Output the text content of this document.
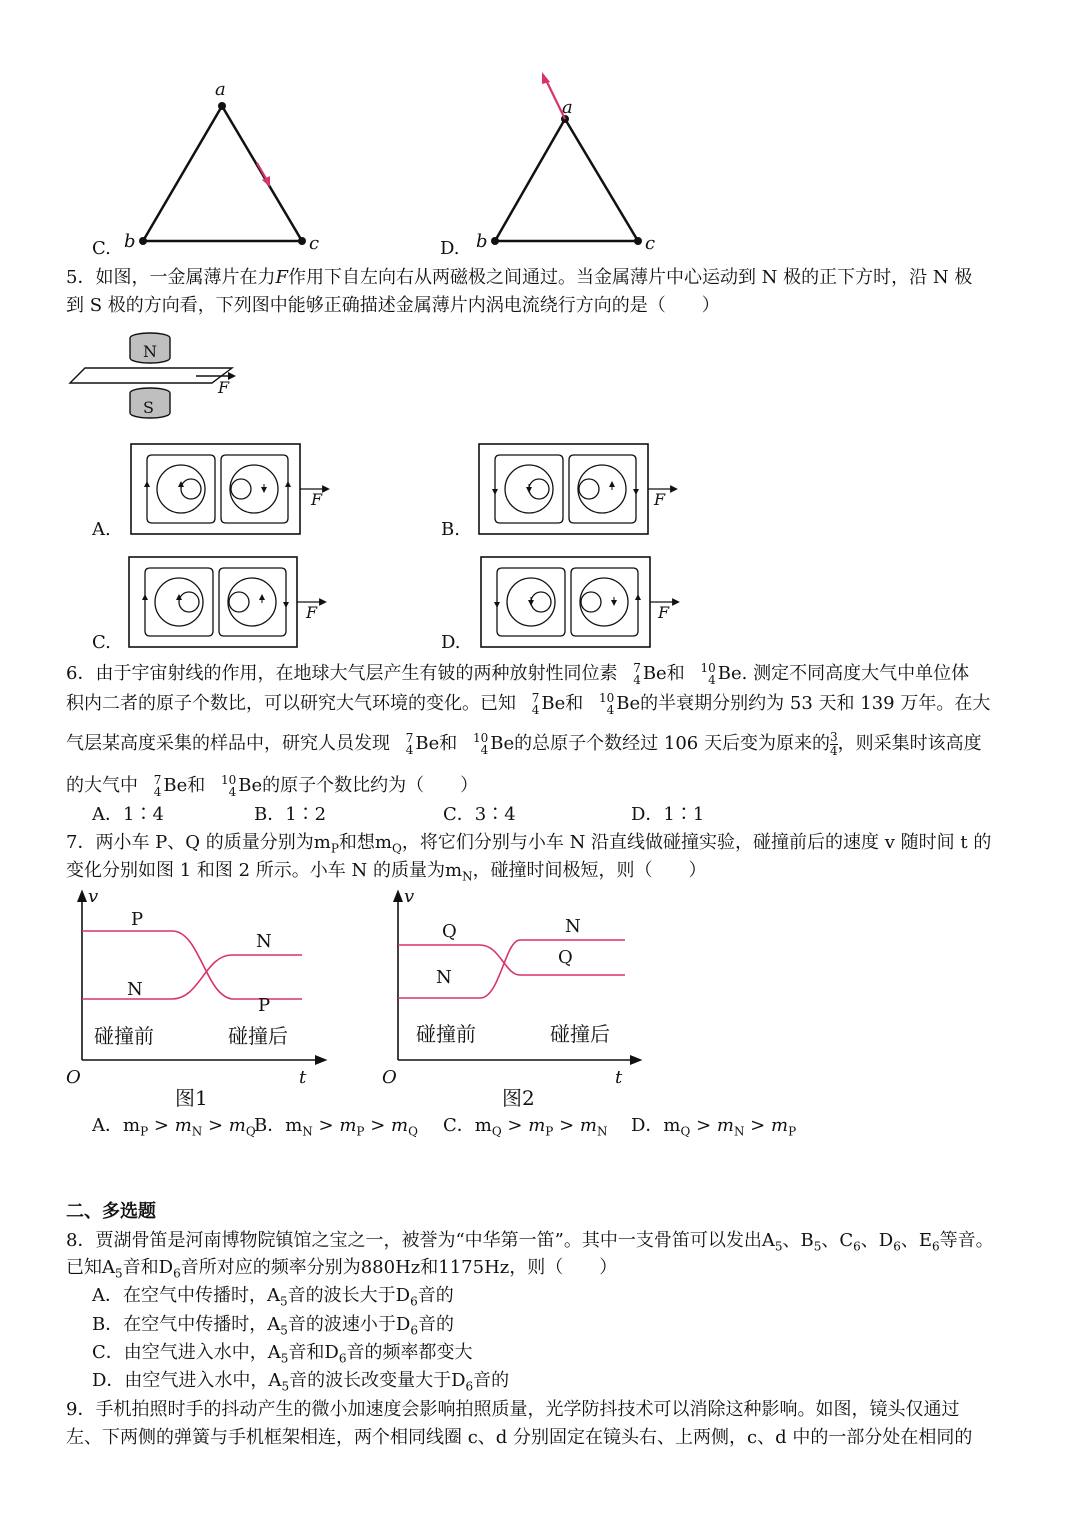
C.
a
b	c	D.
a
b	c
5．如图，一金属薄片在力F作用下自左向右从两磁极之间通过。当金属薄片中心运动到 N 极的正下方时，沿 N 极
到 S 极的方向看，下列图中能够正确描述金属薄片内涡电流绕行方向的是（　　）
N
S
F
F	F
F	F
A.	B.
C.	D.
6．由于宇宙射线的作用，在地球大气层产生有铍的两种放射性同位素 7
4 Be和 10
4 Be. 测定不同高度大气中单位体
积内二者的原子个数比，可以研究大气环境的变化。已知 7
4 Be和 10
4 Be的半衰期分别约为 53 天和 139 万年。在大
气层某高度采集的样品中，研究人员发现 7
4 Be和 10
4 Be的总原子个数经过 106 天后变为原来的 $\frac{3}{4}$ ，则采集时该高度
的大气中 7
4 Be和 10
4 Be的原子个数比约为（　　）
A．1∶4	B．1∶2	C．3∶4	D．1∶1
7．两小车 P、Q 的质量分别为$m_P$和想$m_Q$，将它们分别与小车 N 沿直线做碰撞实验，碰撞前后的速度 v 随时间 t 的
变化分别如图 1 和图 2 所示。小车 N 的质量为$m_N$，碰撞时间极短，则（　　）
v
O	t
P
N
N
P
碰撞前	碰撞后
图1
v
O	t
Q
N
N
Q
碰撞前	碰撞后
图2
A．$m_P > m_N > m_Q$
B．$m_N > m_P > m_Q$ C．$m_Q > m_P > m_N$ D．$m_Q > m_N > m_P$
二、多选题
8．贾湖骨笛是河南博物院镇馆之宝之一，被誉为“中华第一笛”。其中一支骨笛可以发出$A_5$、$B_5$、$C_6$、$D_6$、$E_6$等音。
已知$A_5$音和$D_6$音所对应的频率分别为880Hz和1175Hz，则（　　）
A．在空气中传播时，$A_5$音的波长大于$D_6$音的
B．在空气中传播时，$A_5$音的波速小于$D_6$音的
C．由空气进入水中，$A_5$音和$D_6$音的频率都变大
D．由空气进入水中，$A_5$音的波长改变量大于$D_6$音的
9．手机拍照时手的抖动产生的微小加速度会影响拍照质量，光学防抖技术可以消除这种影响。如图，镜头仅通过
左、下两侧的弹簧与手机框架相连，两个相同线圈 c、d 分别固定在镜头右、上两侧，c、d 中的一部分处在相同的
